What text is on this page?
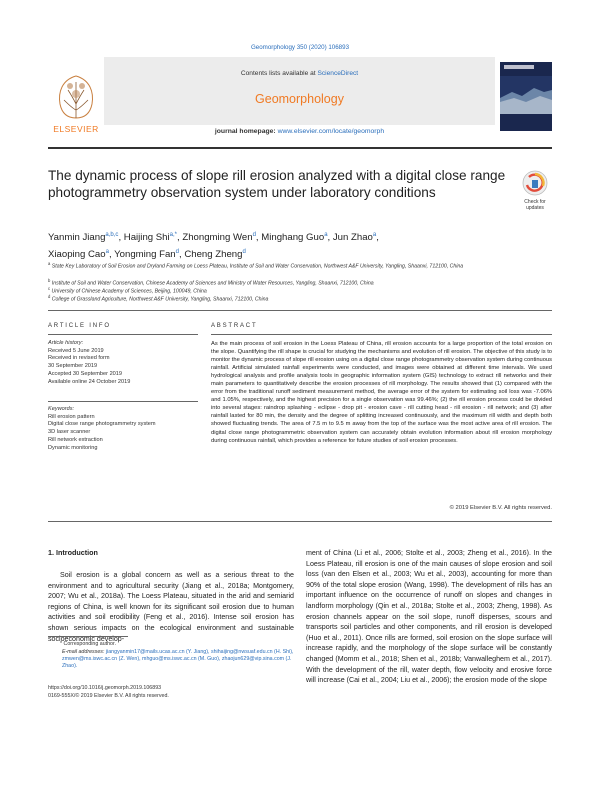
Geomorphology 350 (2020) 106893
Contents lists available at ScienceDirect
Geomorphology
ELSEVIER	journal homepage: www.elsevier.com/locate/geomorph
The dynamic process of slope rill erosion analyzed with a digital close range photogrammetry observation system under laboratory conditions
Check for
updates
Yanmin Jiang$^{a,b,c}$, Haijing Shi$^{a,*}$, Zhongming Wen$^d$, Minghang Guo$^a$, Jun Zhao$^a$,
Xiaoping Cao$^a$, Yongming Fan$^d$, Cheng Zheng$^d$
$^a$ State Key Laboratory of Soil Erosion and Dryland Farming on Loess Plateau, Institute of Soil and Water Conservation, Northwest A&F University, Yangling, Shaanxi, 712100, China
$^b$ Institute of Soil and Water Conservation, Chinese Academy of Sciences and Ministry of Water Resources, Yangling, Shaanxi, 712100, China
$^c$ University of Chinese Academy of Sciences, Beijing, 100049, China
$^d$ College of Grassland Agriculture, Northwest A&F University, Yangling, Shaanxi, 712100, China
ARTICLE INFO
Article history:
Received 5 June 2019
Received in revised form
30 September 2019
Accepted 30 September 2019
Available online 24 October 2019
Keywords:
Rill erosion pattern
Digital close range photogrammetry system
3D laser scanner
Rill network extraction
Dynamic monitoring
ABSTRACT
As the main process of soil erosion in the Loess Plateau of China, rill erosion accounts for a large proportion of the total erosion on the slope. Quantifying the rill shape is crucial for studying the mechanisms and evolution of rill erosion. The objective of this study is to monitor the dynamic process of slope rill erosion using on a digital close range photogrammetry observation system during continuous rainfall. Artificial simulated rainfall experiments were conducted, and images were obtained at different time intervals. We used hydrological analysis and profile analysis tools in geographic information system (GIS) technology to extract rill networks and their main parameters to quantitatively describe the erosion processes of rill morphology. The results showed that (1) compared with the error from the traditional runoff sediment measurement method, the average error of the system for estimating soil loss was -7.06% and 1.05%, respectively, and the highest precision for a single observation was 99.46%; (2) the rill erosion process could be divided into several stages: raindrop splashing - eclipse - drop pit - erosion cave - rill cutting head - rill erosion - rill network; and (3) after rainfall lasted for 80 min, the density and the degree of splitting increased continuously, and the maximum rill width and depth both showed fluctuating trends. The area of 7.5 m to 9.5 m away from the top of the surface was the most active area of rill erosion. The digital close range photogrammetric observation system can accurately obtain evolution information about rill erosion morphology during continuous rainfall, which provides a reference for future studies of soil erosion processes.
© 2019 Elsevier B.V. All rights reserved.
1. Introduction
Soil erosion is a global concern as well as a serious threat to the environment and to agricultural security (Jiang et al., 2018a; Montgomery, 2007; Wu et al., 2018a). The Loess Plateau, situated in the arid and semiarid regions of China, is well known for its significant soil erosion due to human activities and soil erodibility (Feng et al., 2016). Intense soil erosion has shown serious impacts on the ecological environment and sustainable socioeconomic develop-
ment of China (Li et al., 2006; Stolte et al., 2003; Zheng et al., 2016). In the Loess Plateau, rill erosion is one of the main causes of slope erosion and soil loss (van den Elsen et al., 2003; Wu et al., 2003), accounting for more than 90% of the total slope erosion (Wang, 1998). The development of rills has an important influence on the occurrence of runoff on slopes and changes in landform morphology (Qin et al., 2018a; Stolte et al., 2003; Zheng, 1998). As erosion channels appear on the soil slope, runoff disperses, scours and transports soil particles and other components, and rill erosion is developed (Huo et al., 2011). Once rills are formed, soil erosion on the slope surface will increase rapidly, and the morphology of the slope surface will be constantly changed (Momm et al., 2018; Shen et al., 2018b; Vanwalleghem et al., 2017). With the development of the rill, water depth, flow velocity and erosive force will increase (Cai et al., 2004; Liu et al., 2006); the erosion mode of the slope
* Corresponding author.
E-mail addresses: jiangyanmin17@mails.ucas.ac.cn (Y. Jiang), shihaijing@nwsuaf.edu.cn (H. Shi), zmwen@ms.iswc.ac.cn (Z. Wen), mhguo@ms.iswc.ac.cn (M. Guo), zhaojun629@vip.sina.com (J. Zhao).
https://doi.org/10.1016/j.geomorph.2019.106893
0169-555X/© 2019 Elsevier B.V. All rights reserved.
